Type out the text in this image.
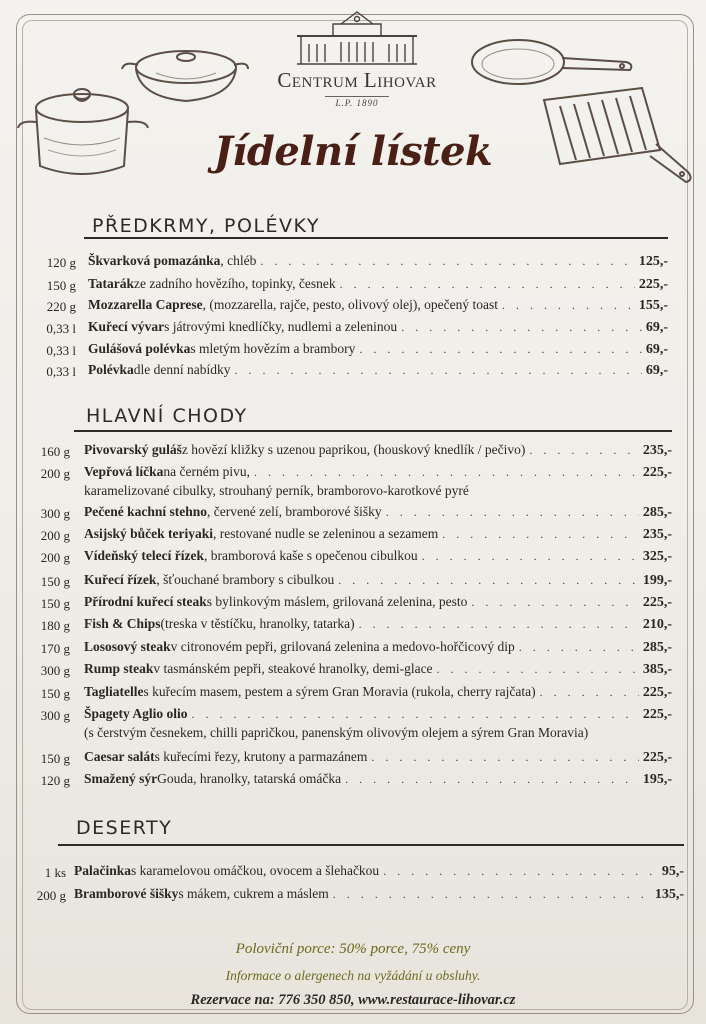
Centrum Lihovar
L.P. 1890
Jídelní lístek
PŘEDKRMY, POLÉVKY
120 g Škvarková pomazánka , chléb . . .	125,-
150 g Tatarák ze zadního hovězího, topinky, česnek . . .	225,-
220 g Mozzarella Caprese , (mozzarella, rajče, pesto, olivový olej), opečený toast . . .	155,-
0,33 l Kuřecí vývar s játrovými knedlíčky, nudlemi a zeleninou . . .	69,-
0,33 l Gulášová polévka s mletým hovězím a brambory . . .	69,-
0,33 l Polévka dle denní nabídky . . .	69,-
HLAVNÍ CHODY
160 g Pivovarský guláš z hovězí kližky s uzenou paprikou, (houskový knedlík / pečivo) . . .	235,-
200 g Vepřová líčka na černém pivu, . . .	225,-
karamelizované cibulky, strouhaný perník, bramborovo-karotkové pyré
300 g Pečené kachní stehno , červené zelí, bramborové šišky . . .	285,-
200 g Asijský bůček teriyaki , restované nudle se zeleninou a sezamem . . .	235,-
200 g Vídeňský telecí řízek , bramborová kaše s opečenou cibulkou . . .	325,-
150 g Kuřecí řízek , šťouchané brambory s cibulkou . . .	199,-
150 g Přírodní kuřecí steak s bylinkovým máslem, grilovaná zelenina, pesto . . .	225,-
180 g Fish & Chips (treska v těstíčku, hranolky, tatarka) . . .	210,-
170 g Lososový steak v citronovém pepři, grilovaná zelenina a medovo-hořčicový dip . . .	285,-
300 g Rump steak v tasmánském pepři, steakové hranolky, demi-glace . . .	385,-
150 g Tagliatelle s kuřecím masem, pestem a sýrem Gran Moravia (rukola, cherry rajčata) . . .	225,-
300 g Špagety Aglio olio . . .	225,-
(s čerstvým česnekem, chilli papričkou, panenským olivovým olejem a sýrem Gran Moravia)
150 g Caesar salát s kuřecími řezy, krutony a parmazánem . . .	225,-
120 g Smažený sýr Gouda, hranolky, tatarská omáčka . . .	195,-
DESERTY
1 ks Palačinka s karamelovou omáčkou, ovocem a šlehačkou . . .	95,-
200 g Bramborové šišky s mákem, cukrem a máslem . . .	135,-
Poloviční porce: 50% porce, 75% ceny
Informace o alergenech na vyžádání u obsluhy.
Rezervace na: 776 350 850, www.restaurace-lihovar.cz
